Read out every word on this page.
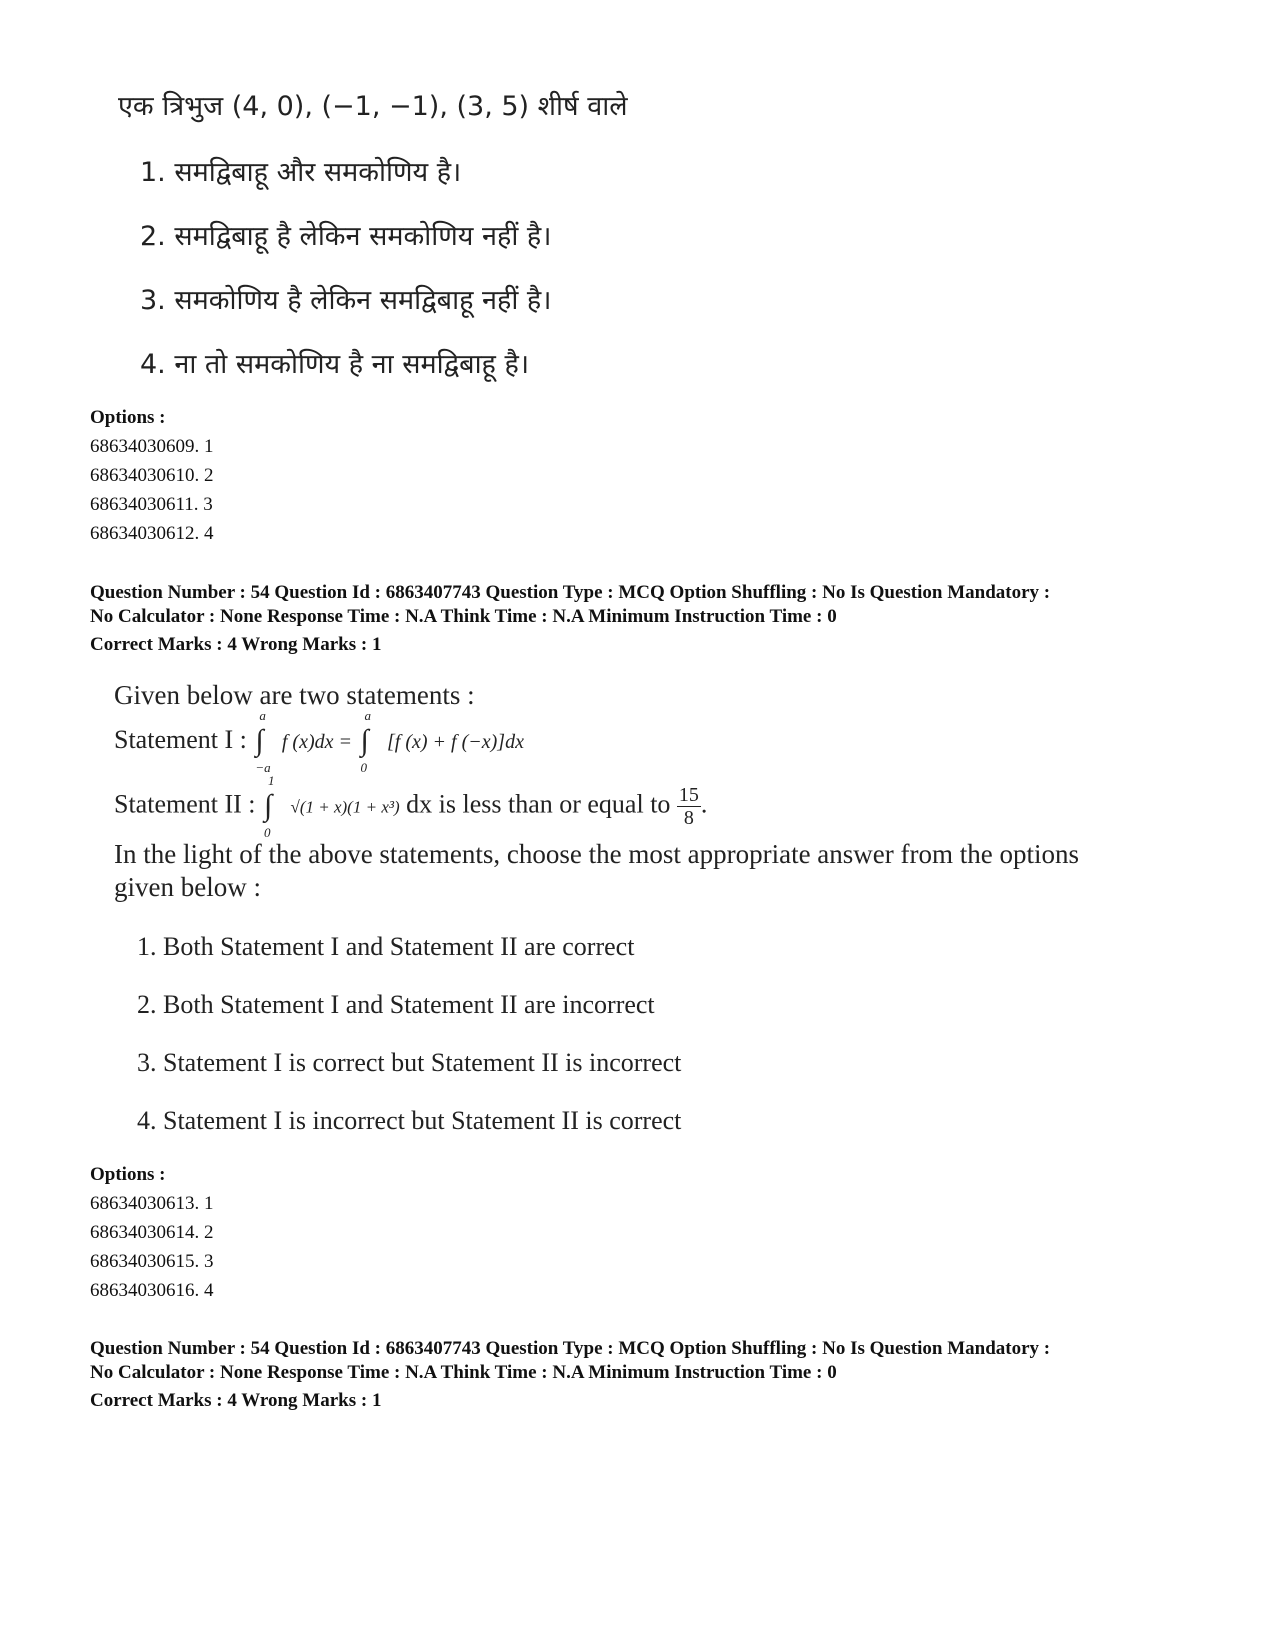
एक त्रिभुज (4, 0), (−1, −1), (3, 5) शीर्ष वाले
1. समद्विबाहू और समकोणिय है।
2. समद्विबाहू है लेकिन समकोणिय नहीं है।
3. समकोणिय है लेकिन समद्विबाहू नहीं है।
4. ना तो समकोणिय है ना समद्विबाहू है।
Options :
68634030609. 1
68634030610. 2
68634030611. 3
68634030612. 4
Question Number : 54 Question Id : 6863407743 Question Type : MCQ Option Shuffling : No Is Question Mandatory :
No Calculator : None Response Time : N.A Think Time : N.A Minimum Instruction Time : 0
Correct Marks : 4 Wrong Marks : 1
Given below are two statements :
Statement I :
a
∫
−a
f (x)dx =
a
∫
0
[f (x) + f (−x)]dx
Statement II :
1
∫
0
√(1 + x)(1 + x³) dx is less than or equal to $\frac{15}{8}$ .
In the light of the above statements, choose the most appropriate answer from the options
given below :
1. Both Statement I and Statement II are correct
2. Both Statement I and Statement II are incorrect
3. Statement I is correct but Statement II is incorrect
4. Statement I is incorrect but Statement II is correct
Options :
68634030613. 1
68634030614. 2
68634030615. 3
68634030616. 4
Question Number : 54 Question Id : 6863407743 Question Type : MCQ Option Shuffling : No Is Question Mandatory :
No Calculator : None Response Time : N.A Think Time : N.A Minimum Instruction Time : 0
Correct Marks : 4 Wrong Marks : 1
